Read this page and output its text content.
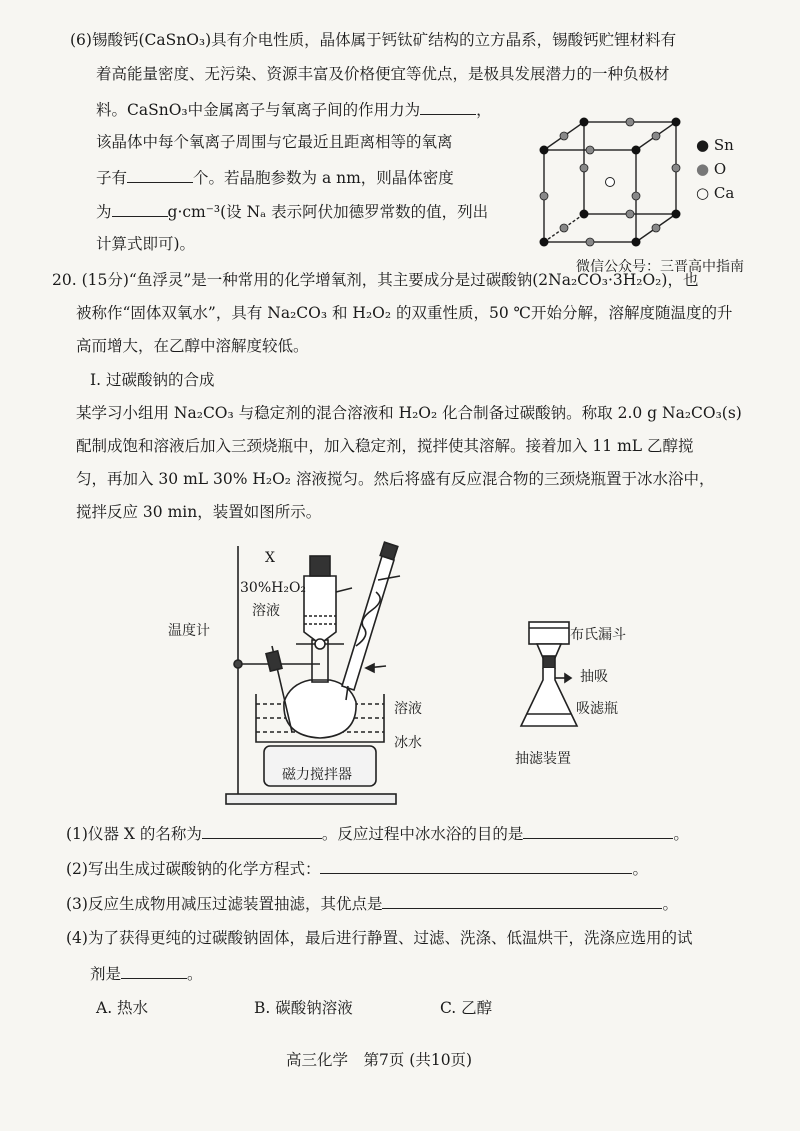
(6)锡酸钙(CaSnO₃)具有介电性质，晶体属于钙钛矿结构的立方晶系，锡酸钙贮锂材料有
着高能量密度、无污染、资源丰富及价格便宜等优点，是极具发展潜力的一种负极材
料。CaSnO₃中金属离子与氧离子间的作用力为	，
该晶体中每个氧离子周围与它最近且距离相等的氧离
子有	个。若晶胞参数为 a nm，则晶体密度
为	g·cm⁻³(设 Nₐ 表示阿伏加德罗常数的值，列出
计算式即可)。
● Sn
● O
○ Ca
微信公众号：三晋高中指南
20. (15分)“鱼浮灵”是一种常用的化学增氧剂，其主要成分是过碳酸钠(2Na₂CO₃·3H₂O₂)，也
被称作“固体双氧水”，具有 Na₂CO₃ 和 H₂O₂ 的双重性质，50 ℃开始分解，溶解度随温度的升
高而增大，在乙醇中溶解度较低。
Ⅰ. 过碳酸钠的合成
某学习小组用 Na₂CO₃ 与稳定剂的混合溶液和 H₂O₂ 化合制备过碳酸钠。称取 2.0 g Na₂CO₃(s)
配制成饱和溶液后加入三颈烧瓶中，加入稳定剂，搅拌使其溶解。接着加入 11 mL 乙醇搅
匀，再加入 30 mL 30% H₂O₂ 溶液搅匀。然后将盛有反应混合物的三颈烧瓶置于冰水浴中，
搅拌反应 30 min，装置如图所示。
X
30%H₂O₂
溶液
温度计
溶液
冰水
磁力搅拌器
布氏漏斗
抽吸
吸滤瓶
抽滤装置
(1)仪器 X 的名称为	。反应过程中冰水浴的目的是	。
(2)写出生成过碳酸钠的化学方程式：	。
(3)反应生成物用减压过滤装置抽滤，其优点是	。
(4)为了获得更纯的过碳酸钠固体，最后进行静置、过滤、洗涤、低温烘干，洗涤应选用的试
剂是	。
A. 热水	B. 碳酸钠溶液	C. 乙醇
高三化学　第7页 (共10页)
